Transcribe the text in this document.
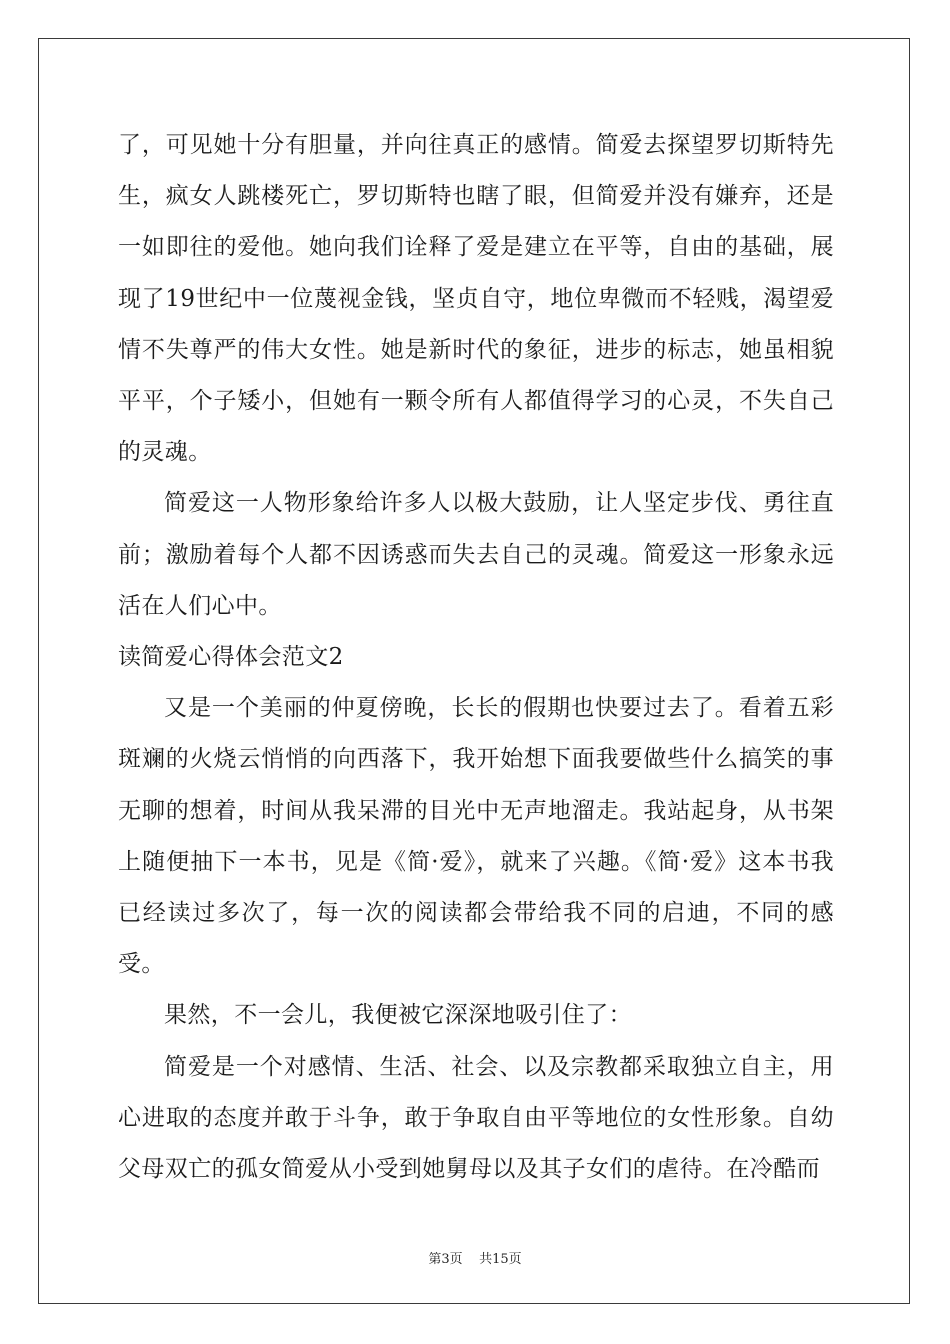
了，可见她十分有胆量，并向往真正的感情。简爱去探望罗切斯特先生，疯女人跳楼死亡，罗切斯特也瞎了眼，但简爱并没有嫌弃，还是一如即往的爱他。她向我们诠释了爱是建立在平等，自由的基础，展现了19世纪中一位蔑视金钱，坚贞自守，地位卑微而不轻贱，渴望爱情不失尊严的伟大女性。她是新时代的象征，进步的标志，她虽相貌平平，个子矮小，但她有一颗令所有人都值得学习的心灵，不失自己的灵魂。

简爱这一人物形象给许多人以极大鼓励，让人坚定步伐、勇往直前；激励着每个人都不因诱惑而失去自己的灵魂。简爱这一形象永远活在人们心中。

读简爱心得体会范文2

又是一个美丽的仲夏傍晚，长长的假期也快要过去了。看着五彩斑斓的火烧云悄悄的向西落下，我开始想下面我要做些什么搞笑的事无聊的想着，时间从我呆滞的目光中无声地溜走。我站起身，从书架上随便抽下一本书，见是《简·爱》，就来了兴趣。《简·爱》这本书我已经读过多次了，每一次的阅读都会带给我不同的启迪，不同的感受。

果然，不一会儿，我便被它深深地吸引住了：

简爱是一个对感情、生活、社会、以及宗教都采取独立自主，用心进取的态度并敢于斗争，敢于争取自由平等地位的女性形象。自幼父母双亡的孤女简爱从小受到她舅母以及其子女们的虐待。在冷酷而

第3页    共15页
